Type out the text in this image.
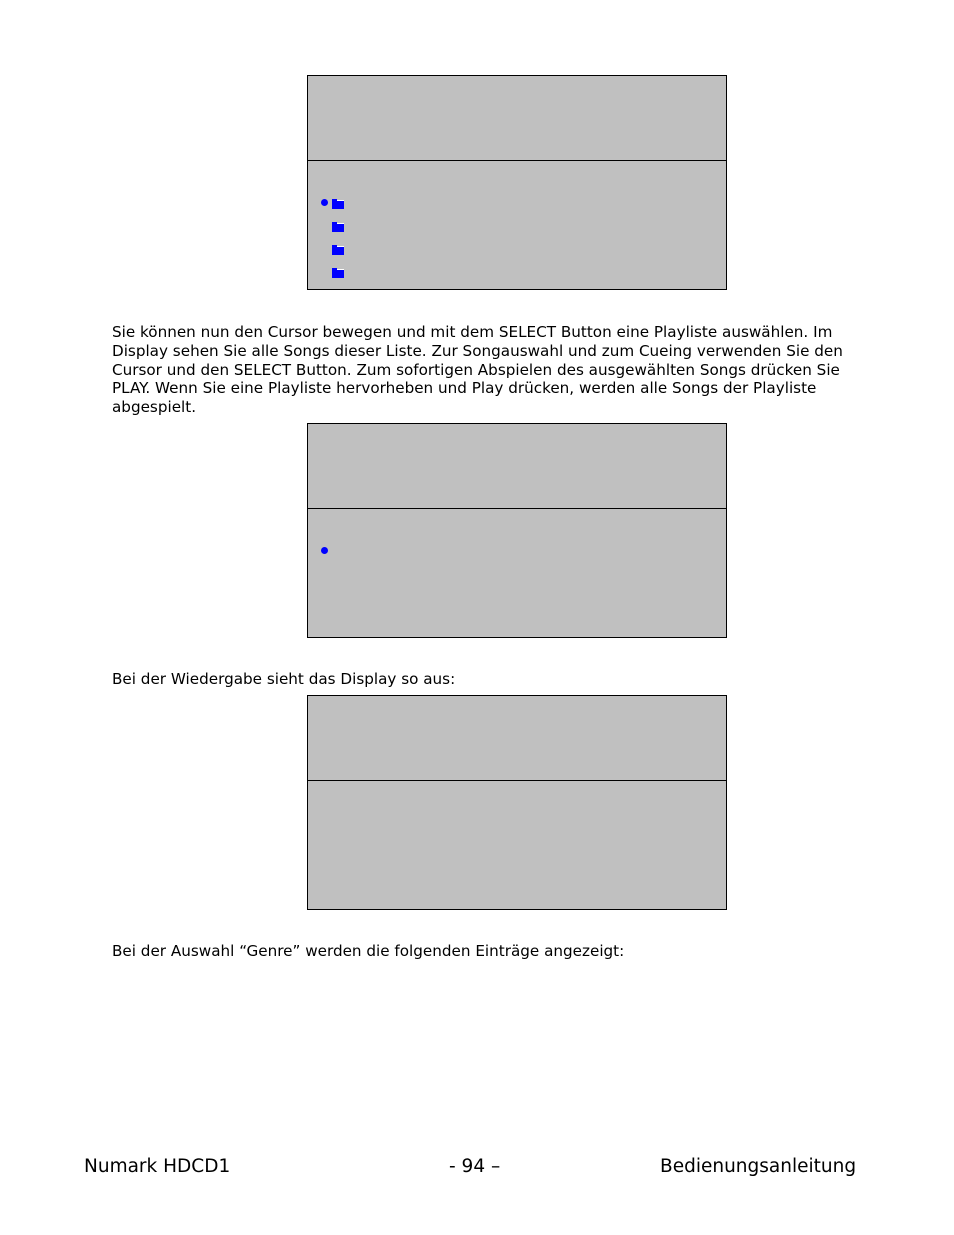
Sie können nun den Cursor bewegen und mit dem SELECT Button eine Playliste auswählen. Im Display sehen Sie alle Songs dieser Liste. Zur Songauswahl und zum Cueing verwenden Sie den Cursor und den SELECT Button. Zum sofortigen Abspielen des ausgewählten Songs drücken Sie PLAY. Wenn Sie eine Playliste hervorheben und Play drücken, werden alle Songs der Playliste abgespielt.

Bei der Wiedergabe sieht das Display so aus:

Bei der Auswahl “Genre” werden die folgenden Einträge angezeigt:

Numark HDCD1	- 94 –	Bedienungsanleitung
